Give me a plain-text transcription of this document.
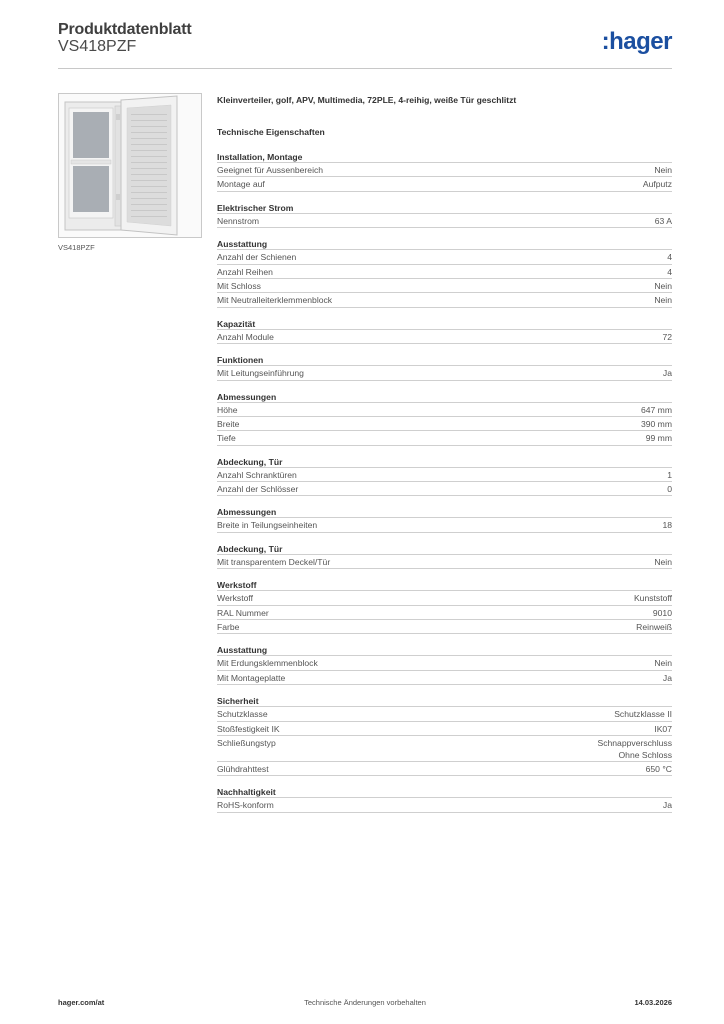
Produktdatenblatt
VS418PZF	:hager
VS418PZF
Kleinverteiler, golf, APV, Multimedia, 72PLE, 4-reihig, weiße Tür geschlitzt
Technische Eigenschaften
Installation, Montage
Geeignet für Aussenbereich	Nein
Montage auf	Aufputz
Elektrischer Strom
Nennstrom	63 A
Ausstattung
Anzahl der Schienen	4
Anzahl Reihen	4
Mit Schloss	Nein
Mit Neutralleiterklemmenblock	Nein
Kapazität
Anzahl Module	72
Funktionen
Mit Leitungseinführung	Ja
Abmessungen
Höhe	647 mm
Breite	390 mm
Tiefe	99 mm
Abdeckung, Tür
Anzahl Schranktüren	1
Anzahl der Schlösser	0
Abmessungen
Breite in Teilungseinheiten	18
Abdeckung, Tür
Mit transparentem Deckel/Tür	Nein
Werkstoff
Werkstoff	Kunststoff
RAL Nummer	9010
Farbe	Reinweiß
Ausstattung
Mit Erdungsklemmenblock	Nein
Mit Montageplatte	Ja
Sicherheit
Schutzklasse	Schutzklasse II
Stoßfestigkeit IK	IK07
Schließungstyp	Schnappverschluss
Ohne Schloss
Glühdrahttest	650 °C
Nachhaltigkeit
RoHS-konform	Ja
hager.com/at	Technische Änderungen vorbehalten	14.03.2026
